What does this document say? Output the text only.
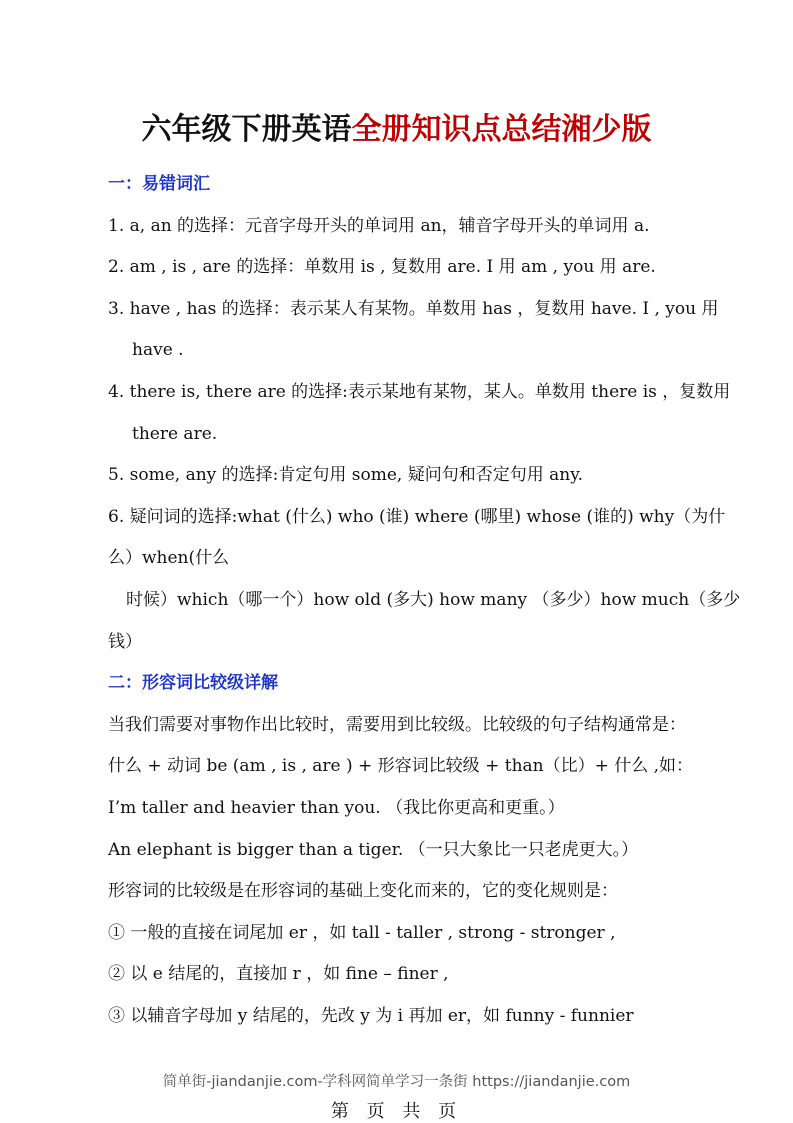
六年级下册英语全册知识点总结湘少版
一：易错词汇
1. a, an 的选择：元音字母开头的单词用 an，辅音字母开头的单词用 a.
2. am , is , are 的选择：单数用 is , 复数用 are. I 用 am , you 用 are.
3. have , has 的选择：表示某人有某物。单数用 has ，复数用 have. I , you 用
have .
4. there is, there are 的选择:表示某地有某物，某人。单数用 there is ，复数用
there are.
5. some, any 的选择:肯定句用 some, 疑问句和否定句用 any.
6. 疑问词的选择:what (什么) who (谁) where (哪里) whose (谁的) why（为什
么）when(什么
时候）which（哪一个）how old (多大) how many （多少）how much（多少
钱）
二：形容词比较级详解
当我们需要对事物作出比较时，需要用到比较级。比较级的句子结构通常是：
什么 + 动词 be (am , is , are ) + 形容词比较级 + than（比）+ 什么 ,如：
I’m taller and heavier than you. （我比你更高和更重。）
An elephant is bigger than a tiger. （一只大象比一只老虎更大。）
形容词的比较级是在形容词的基础上变化而来的，它的变化规则是：
① 一般的直接在词尾加 er ，如 tall - taller , strong - stronger ,
② 以 e 结尾的，直接加 r ，如 fine – finer ,
③ 以辅音字母加 y 结尾的，先改 y 为 i 再加 er，如 funny - funnier
简单街-jiandanjie.com-学科网简单学习一条街 https://jiandanjie.com
第 页 共 页
